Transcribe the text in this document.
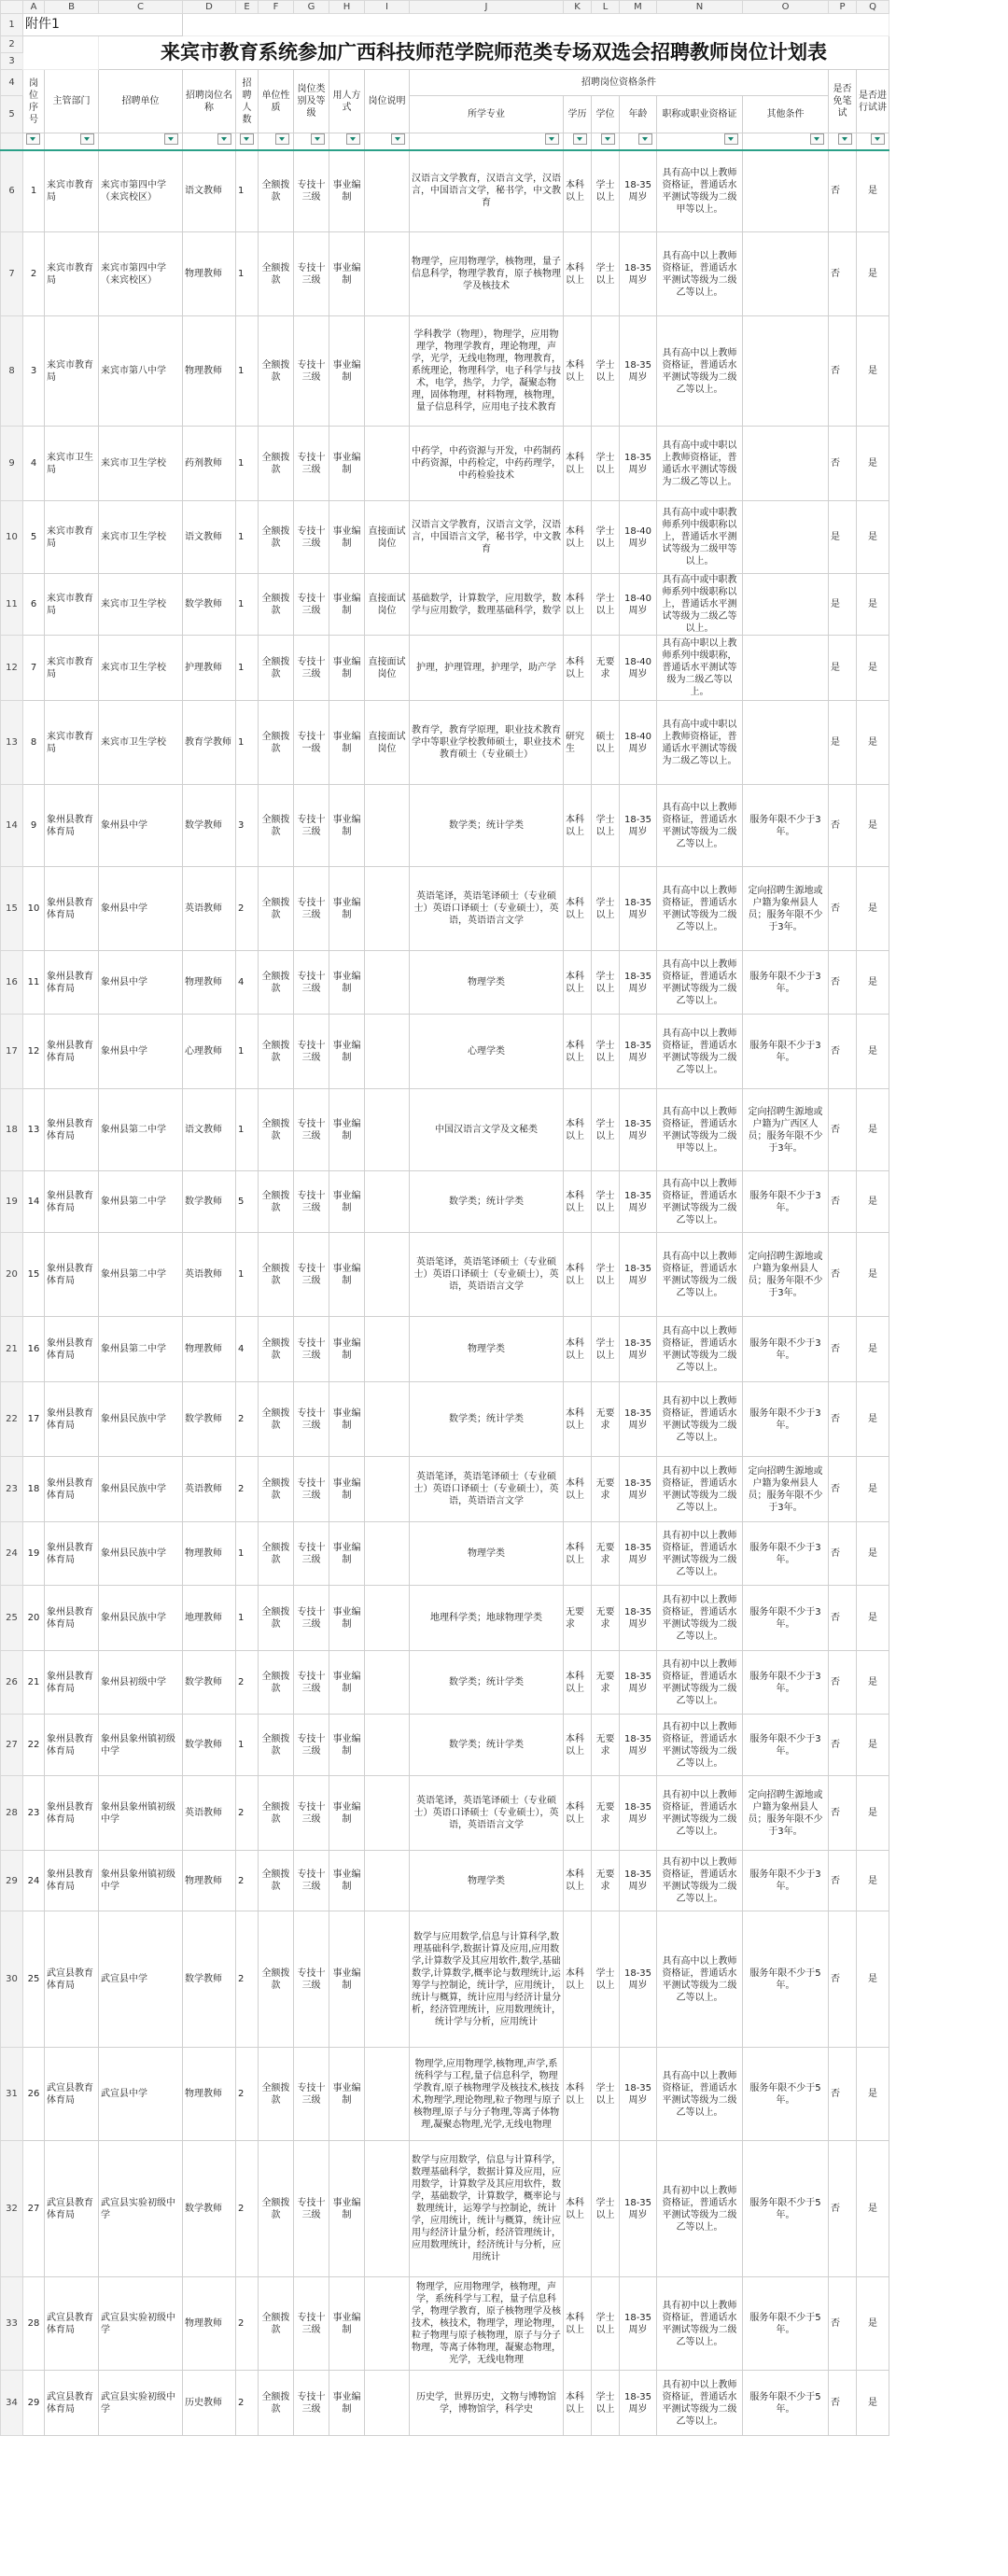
	A	B	C	D	E	F	G	H	I	J	K	L	M	N	O	P	Q
1	附件1																
2			来宾市教育系统参加广西科技师范学院师范类专场双选会招聘教师岗位计划表														
3																	
4	岗位序号	主管部门	招聘单位	招聘岗位名称	招聘人数	单位性质	岗位类别及等级	用人方式	岗位说明	招聘岗位资格条件						是否免笔试	是否进行试讲
5										所学专业	学历	学位	年龄	职称或职业资格证	其他条件		

6	1	来宾市教育局	来宾市第四中学（来宾校区）	语文教师	1	全额拨款	专技十三级	事业编制		汉语言文学教育，汉语言文学，汉语言，中国语言文学，秘书学，中文教育	本科以上	学士以上	18-35周岁	具有高中以上教师资格证，普通话水平测试等级为二级甲等以上。		否	是
7	2	来宾市教育局	来宾市第四中学（来宾校区）	物理教师	1	全额拨款	专技十三级	事业编制		物理学，应用物理学，核物理，量子信息科学，物理学教育，原子核物理学及核技术	本科以上	学士以上	18-35周岁	具有高中以上教师资格证，普通话水平测试等级为二级乙等以上。		否	是
8	3	来宾市教育局	来宾市第八中学	物理教师	1	全额拨款	专技十三级	事业编制		学科教学（物理），物理学，应用物理学，物理学教育，理论物理，声学，光学，无线电物理，物理教育，系统理论，物理科学，电子科学与技术，电学，热学，力学，凝聚态物理，固体物理，材料物理，核物理，量子信息科学，应用电子技术教育	本科以上	学士以上	18-35周岁	具有高中以上教师资格证，普通话水平测试等级为二级乙等以上。		否	是
9	4	来宾市卫生局	来宾市卫生学校	药剂教师	1	全额拨款	专技十三级	事业编制		中药学，中药资源与开发，中药制药中药资源，中药检定，中药药理学，中药检验技术	本科以上	学士以上	18-35周岁	具有高中或中职以上教师资格证，普通话水平测试等级为二级乙等以上。		否	是
10	5	来宾市教育局	来宾市卫生学校	语文教师	1	全额拨款	专技十三级	事业编制	直接面试岗位	汉语言文学教育，汉语言文学，汉语言，中国语言文学，秘书学，中文教育	本科以上	学士以上	18-40周岁	具有高中或中职教师系列中级职称以上，普通话水平测试等级为二级甲等以上。		是	是
11	6	来宾市教育局	来宾市卫生学校	数学教师	1	全额拨款	专技十三级	事业编制	直接面试岗位	基础数学，计算数学，应用数学，数学与应用数学，数理基础科学，数学	本科以上	学士以上	18-40周岁	具有高中或中职教师系列中级职称以上，普通话水平测试等级为二级乙等以上。		是	是
12	7	来宾市教育局	来宾市卫生学校	护理教师	1	全额拨款	专技十三级	事业编制	直接面试岗位	护理，护理管理，护理学，助产学	本科以上	无要求	18-40周岁	具有高中职以上教师系列中级职称，普通话水平测试等级为二级乙等以上。		是	是
13	8	来宾市教育局	来宾市卫生学校	教育学教师	1	全额拨款	专技十一级	事业编制	直接面试岗位	教育学，教育学原理，职业技术教育学中等职业学校教师硕士，职业技术教育硕士（专业硕士）	研究生	硕士以上	18-40周岁	具有高中或中职以上教师资格证，普通话水平测试等级为二级乙等以上。		是	是
14	9	象州县教育体育局	象州县中学	数学教师	3	全额拨款	专技十三级	事业编制		数学类；统计学类	本科以上	学士以上	18-35周岁	具有高中以上教师资格证，普通话水平测试等级为二级乙等以上。	服务年限不少于3年。	否	是
15	10	象州县教育体育局	象州县中学	英语教师	2	全额拨款	专技十三级	事业编制		英语笔译，英语笔译硕士（专业硕士）英语口译硕士（专业硕士），英语，英语语言文学	本科以上	学士以上	18-35周岁	具有高中以上教师资格证，普通话水平测试等级为二级乙等以上。	定向招聘生源地或户籍为象州县人员；服务年限不少于3年。	否	是
16	11	象州县教育体育局	象州县中学	物理教师	4	全额拨款	专技十三级	事业编制		物理学类	本科以上	学士以上	18-35周岁	具有高中以上教师资格证，普通话水平测试等级为二级乙等以上。	服务年限不少于3年。	否	是
17	12	象州县教育体育局	象州县中学	心理教师	1	全额拨款	专技十三级	事业编制		心理学类	本科以上	学士以上	18-35周岁	具有高中以上教师资格证，普通话水平测试等级为二级乙等以上。	服务年限不少于3年。	否	是
18	13	象州县教育体育局	象州县第二中学	语文教师	1	全额拨款	专技十三级	事业编制		中国汉语言文学及文秘类	本科以上	学士以上	18-35周岁	具有高中以上教师资格证，普通话水平测试等级为二级甲等以上。	定向招聘生源地或户籍为广西区人员；服务年限不少于3年。	否	是
19	14	象州县教育体育局	象州县第二中学	数学教师	5	全额拨款	专技十三级	事业编制		数学类；统计学类	本科以上	学士以上	18-35周岁	具有高中以上教师资格证，普通话水平测试等级为二级乙等以上。	服务年限不少于3年。	否	是
20	15	象州县教育体育局	象州县第二中学	英语教师	1	全额拨款	专技十三级	事业编制		英语笔译，英语笔译硕士（专业硕士）英语口译硕士（专业硕士），英语，英语语言文学	本科以上	学士以上	18-35周岁	具有高中以上教师资格证，普通话水平测试等级为二级乙等以上。	定向招聘生源地或户籍为象州县人员；服务年限不少于3年。	否	是
21	16	象州县教育体育局	象州县第二中学	物理教师	4	全额拨款	专技十三级	事业编制		物理学类	本科以上	学士以上	18-35周岁	具有高中以上教师资格证，普通话水平测试等级为二级乙等以上。	服务年限不少于3年。	否	是
22	17	象州县教育体育局	象州县民族中学	数学教师	2	全额拨款	专技十三级	事业编制		数学类；统计学类	本科以上	无要求	18-35周岁	具有初中以上教师资格证，普通话水平测试等级为二级乙等以上。	服务年限不少于3年。	否	是
23	18	象州县教育体育局	象州县民族中学	英语教师	2	全额拨款	专技十三级	事业编制		英语笔译，英语笔译硕士（专业硕士）英语口译硕士（专业硕士），英语，英语语言文学	本科以上	无要求	18-35周岁	具有初中以上教师资格证，普通话水平测试等级为二级乙等以上。	定向招聘生源地或户籍为象州县人员；服务年限不少于3年。	否	是
24	19	象州县教育体育局	象州县民族中学	物理教师	1	全额拨款	专技十三级	事业编制		物理学类	本科以上	无要求	18-35周岁	具有初中以上教师资格证，普通话水平测试等级为二级乙等以上。	服务年限不少于3年。	否	是
25	20	象州县教育体育局	象州县民族中学	地理教师	1	全额拨款	专技十三级	事业编制		地理科学类；地球物理学类	无要求	无要求	18-35周岁	具有初中以上教师资格证，普通话水平测试等级为二级乙等以上。	服务年限不少于3年。	否	是
26	21	象州县教育体育局	象州县初级中学	数学教师	2	全额拨款	专技十三级	事业编制		数学类；统计学类	本科以上	无要求	18-35周岁	具有初中以上教师资格证，普通话水平测试等级为二级乙等以上。	服务年限不少于3年。	否	是
27	22	象州县教育体育局	象州县象州镇初级中学	数学教师	1	全额拨款	专技十三级	事业编制		数学类；统计学类	本科以上	无要求	18-35周岁	具有初中以上教师资格证，普通话水平测试等级为二级乙等以上。	服务年限不少于3年。	否	是
28	23	象州县教育体育局	象州县象州镇初级中学	英语教师	2	全额拨款	专技十三级	事业编制		英语笔译，英语笔译硕士（专业硕士）英语口译硕士（专业硕士），英语，英语语言文学	本科以上	无要求	18-35周岁	具有初中以上教师资格证，普通话水平测试等级为二级乙等以上。	定向招聘生源地或户籍为象州县人员；服务年限不少于3年。	否	是
29	24	象州县教育体育局	象州县象州镇初级中学	物理教师	2	全额拨款	专技十三级	事业编制		物理学类	本科以上	无要求	18-35周岁	具有初中以上教师资格证，普通话水平测试等级为二级乙等以上。	服务年限不少于3年。	否	是
30	25	武宣县教育体育局	武宣县中学	数学教师	2	全额拨款	专技十三级	事业编制		数学与应用数学,信息与计算科学,数理基础科学,数据计算及应用,应用数学,计算数学及其应用软件,数学,基础数学,计算数学,概率论与数理统计,运筹学与控制论，统计学，应用统计，统计与概算，统计应用与经济计量分析，经济管理统计，应用数理统计，统计学与分析，应用统计	本科以上	学士以上	18-35周岁	具有高中以上教师资格证，普通话水平测试等级为二级乙等以上。	服务年限不少于5年。	否	是
31	26	武宣县教育体育局	武宣县中学	物理教师	2	全额拨款	专技十三级	事业编制		物理学,应用物理学,核物理,声学,系统科学与工程,量子信息科学，物理学教育,原子核物理学及核技术,核技术,物理学,理论物理,粒子物理与原子核物理,原子与分子物理,等离子体物理,凝聚态物理,光学,无线电物理	本科以上	学士以上	18-35周岁	具有高中以上教师资格证，普通话水平测试等级为二级乙等以上。	服务年限不少于5年。	否	是
32	27	武宣县教育体育局	武宣县实验初级中学	数学教师	2	全额拨款	专技十三级	事业编制		数学与应用数学，信息与计算科学，数理基础科学，数据计算及应用，应用数学，计算数学及其应用软件，数学，基础数学，计算数学，概率论与数理统计，运筹学与控制论，统计学，应用统计，统计与概算，统计应用与经济计量分析，经济管理统计，应用数理统计，经济统计与分析，应用统计	本科以上	学士以上	18-35周岁	具有初中以上教师资格证，普通话水平测试等级为二级乙等以上。	服务年限不少于5年。	否	是
33	28	武宣县教育体育局	武宣县实验初级中学	物理教师	2	全额拨款	专技十三级	事业编制		物理学，应用物理学，核物理，声学，系统科学与工程，量子信息科学，物理学教育，原子核物理学及核技术，核技术，物理学，理论物理，粒子物理与原子核物理，原子与分子物理，等离子体物理，凝聚态物理，光学，无线电物理	本科以上	学士以上	18-35周岁	具有初中以上教师资格证，普通话水平测试等级为二级乙等以上。	服务年限不少于5年。	否	是
34	29	武宣县教育体育局	武宣县实验初级中学	历史教师	2	全额拨款	专技十三级	事业编制		历史学，世界历史，文物与博物馆学，博物馆学，科学史	本科以上	学士以上	18-35周岁	具有初中以上教师资格证，普通话水平测试等级为二级乙等以上。	服务年限不少于5年。	否	是
